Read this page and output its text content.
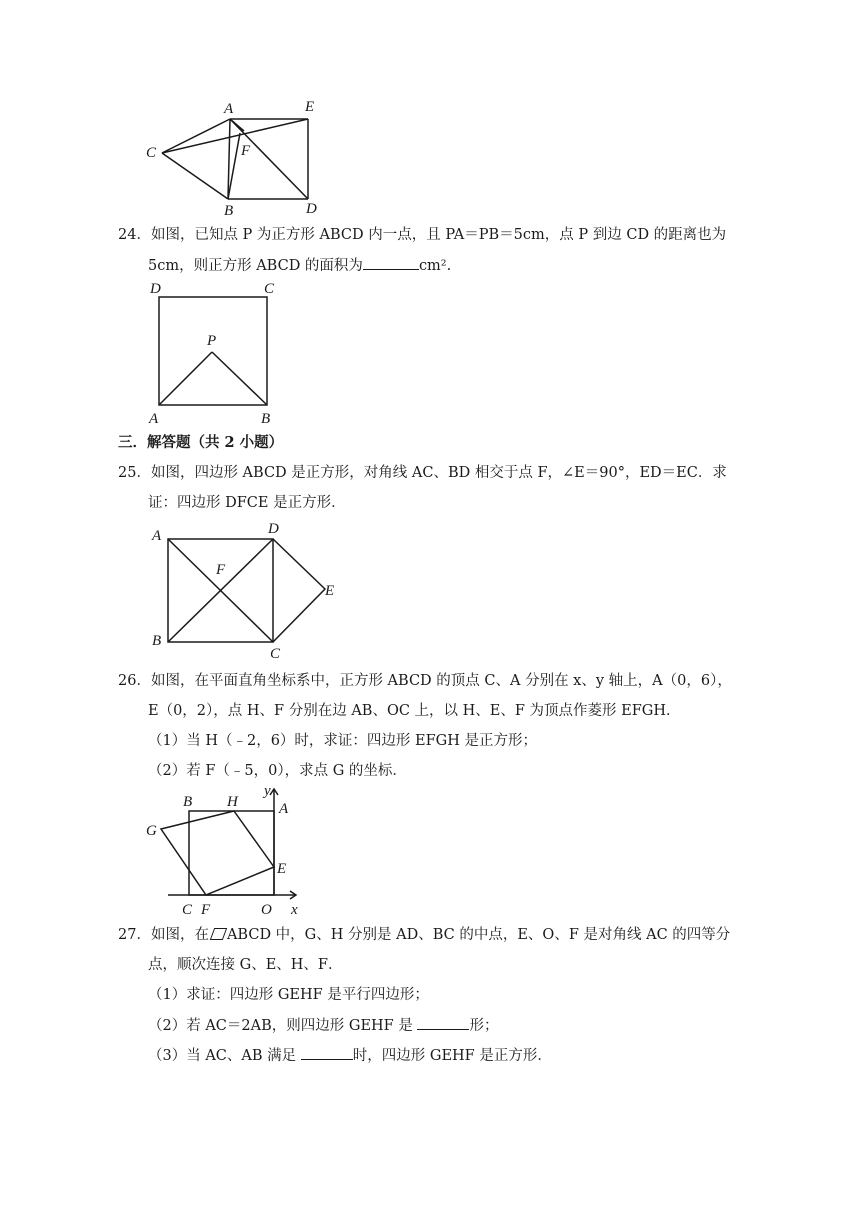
A	E
C	F
B	D
24．如图，已知点 P 为正方形 ABCD 内一点，且 PA＝PB＝5cm，点 P 到边 CD 的距离也为
5cm，则正方形 ABCD 的面积为	cm².
D	C
P
A	B
三．解答题（共 2 小题）
25．如图，四边形 ABCD 是正方形，对角线 AC、BD 相交于点 F，∠E＝90°，ED＝EC．求
证：四边形 DFCE 是正方形．
A	D
F
E
B
C
26．如图，在平面直角坐标系中，正方形 ABCD 的顶点 C、A 分别在 x、y 轴上，A（0，6），
E（0，2），点 H、F 分别在边 AB、OC 上，以 H、E、F 为顶点作菱形 EFGH．
（1）当 H（﹣2，6）时，求证：四边形 EFGH 是正方形；
（2）若 F（﹣5，0），求点 G 的坐标．
y
B H	A
G
E
C F	O x
27．如图，在 ABCD 中，G、H 分别是 AD、BC 的中点，E、O、F 是对角线 AC 的四等分
点，顺次连接 G、E、H、F．
（1）求证：四边形 GEHF 是平行四边形；
（2）若 AC＝2AB，则四边形 GEHF 是	形；
（3）当 AC、AB 满足	时，四边形 GEHF 是正方形．
